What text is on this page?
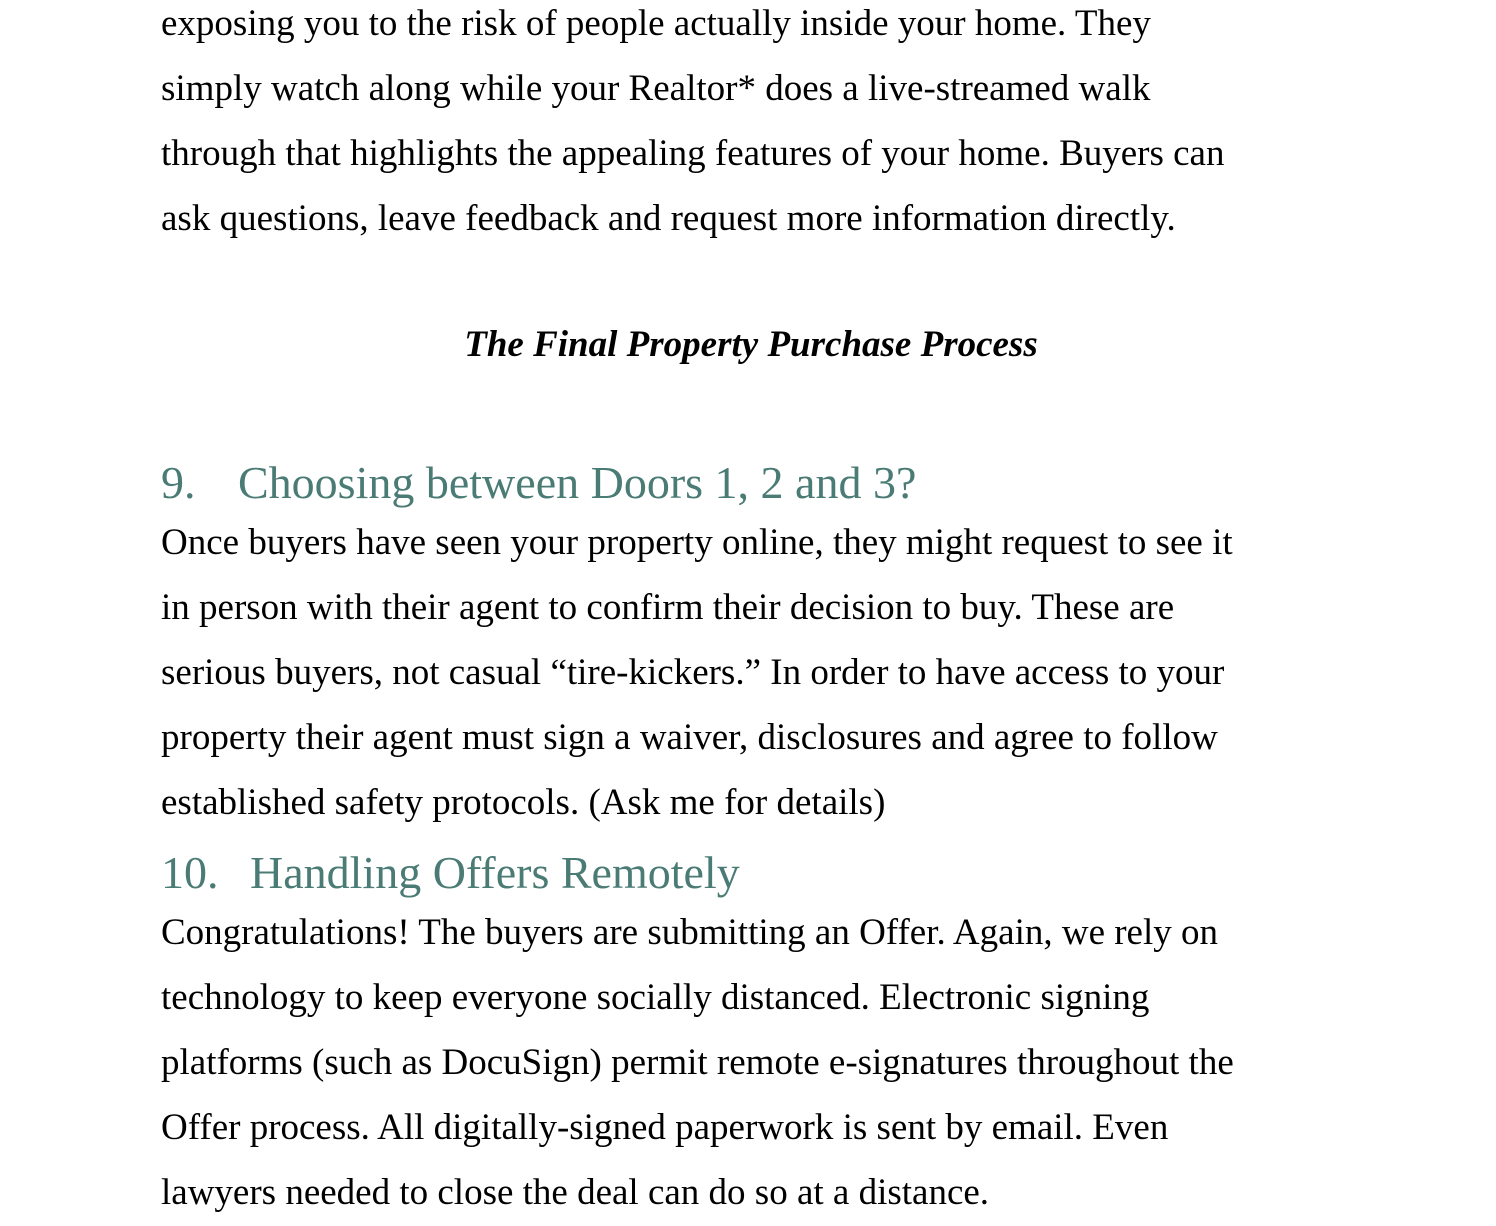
exposing you to the risk of people actually inside your home. They
simply watch along while your Realtor* does a live-streamed walk
through that highlights the appealing features of your home. Buyers can
ask questions, leave feedback and request more information directly.

The Final Property Purchase Process
9. Choosing between Doors 1, 2 and 3?

Once buyers have seen your property online, they might request to see it
in person with their agent to confirm their decision to buy. These are
serious buyers, not casual “tire-kickers.” In order to have access to your
property their agent must sign a waiver, disclosures and agree to follow
established safety protocols. (Ask me for details)

10. Handling Offers Remotely

Congratulations! The buyers are submitting an Offer. Again, we rely on
technology to keep everyone socially distanced. Electronic signing
platforms (such as DocuSign) permit remote e-signatures throughout the
Offer process. All digitally-signed paperwork is sent by email. Even
lawyers needed to close the deal can do so at a distance.
